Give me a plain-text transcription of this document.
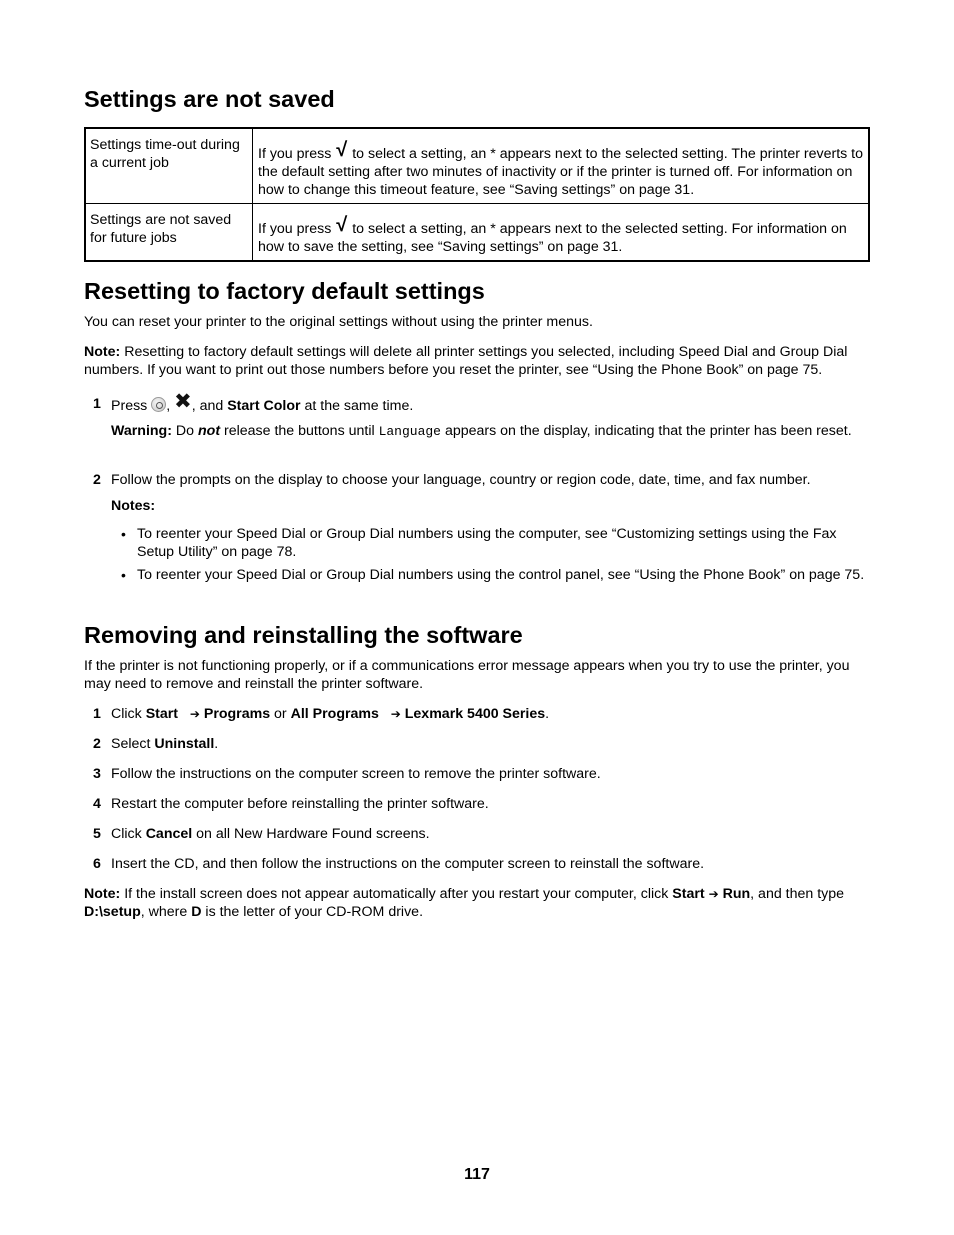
Settings are not saved
Settings time-out during a current job	If you press √ to select a setting, an * appears next to the selected setting. The printer reverts to the default setting after two minutes of inactivity or if the printer is turned off. For information on how to change this timeout feature, see “Saving settings” on page 31.
Settings are not saved for future jobs	If you press √ to select a setting, an * appears next to the selected setting. For information on how to save the setting, see “Saving settings” on page 31.
Resetting to factory default settings

You can reset your printer to the original settings without using the printer menus.

Note: Resetting to factory default settings will delete all printer settings you selected, including Speed Dial and Group Dial numbers. If you want to print out those numbers before you reset the printer, see “Using the Phone Book” on page 75.

1 Press , ✖, and Start Color at the same time.

Warning: Do not release the buttons until Language appears on the display, indicating that the printer has been reset.

2 Follow the prompts on the display to choose your language, country or region code, date, time, and fax number.

Notes:

• To reenter your Speed Dial or Group Dial numbers using the computer, see “Customizing settings using the Fax Setup Utility” on page 78.

• To reenter your Speed Dial or Group Dial numbers using the control panel, see “Using the Phone Book” on page 75.

Removing and reinstalling the software

If the printer is not functioning properly, or if a communications error message appears when you try to use the printer, you may need to remove and reinstall the printer software.

1 Click Start ➔ Programs or All Programs ➔ Lexmark 5400 Series.

2 Select Uninstall.

3 Follow the instructions on the computer screen to remove the printer software.

4 Restart the computer before reinstalling the printer software.

5 Click Cancel on all New Hardware Found screens.

6 Insert the CD, and then follow the instructions on the computer screen to reinstall the software.

Note: If the install screen does not appear automatically after you restart your computer, click Start ➔ Run, and then type D:\setup, where D is the letter of your CD-ROM drive.

117
